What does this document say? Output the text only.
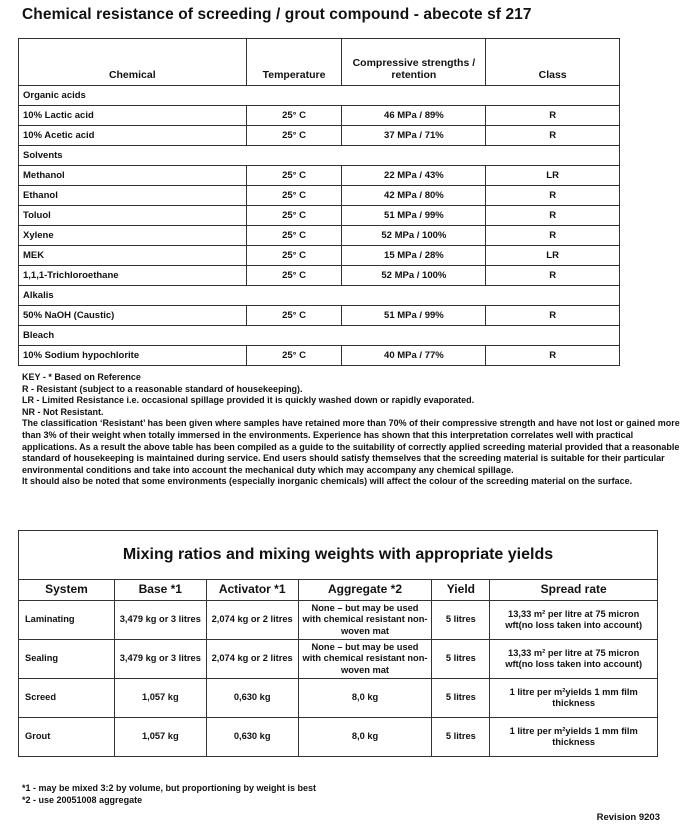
Chemical resistance of screeding / grout compound - abecote sf 217
Chemical	Temperature	Compressive strengths / retention	Class
Organic acids			
10% Lactic acid	25° C	46 MPa / 89%	R
10% Acetic acid	25° C	37 MPa / 71%	R
Solvents			
Methanol	25° C	22 MPa / 43%	LR
Ethanol	25° C	42 MPa / 80%	R
Toluol	25° C	51 MPa / 99%	R
Xylene	25° C	52 MPa / 100%	R
MEK	25° C	15 MPa / 28%	LR
1,1,1-Trichloroethane	25° C	52 MPa / 100%	R
Alkalis			
50% NaOH (Caustic)	25° C	51 MPa / 99%	R
Bleach			
10% Sodium hypochlorite	25° C	40 MPa / 77%	R

KEY - * Based on Reference

R - Resistant (subject to a reasonable standard of housekeeping).

LR - Limited Resistance i.e. occasional spillage provided it is quickly washed down or rapidly evaporated.

NR - Not Resistant.

The classification ‘Resistant’ has been given where samples have retained more than 70% of their compressive strength and have not lost or gained more than 3% of their weight when totally immersed in the environments. Experience has shown that this interpretation correlates well with practical applications. As a result the above table has been compiled as a guide to the suitability of correctly applied screeding material provided that a reasonable standard of housekeeping is maintained during service. End users should satisfy themselves that the screeding material is suitable for their particular environmental conditions and take into account the mechanical duty which may accompany any chemical spillage.

It should also be noted that some environments (especially inorganic chemicals) will affect the colour of the screeding material on the surface.

Mixing ratios and mixing weights with appropriate yields					
System	Base *1	Activator *1	Aggregate *2	Yield	Spread rate
Laminating	3,479 kg or 3 litres	2,074 kg or 2 litres	None – but may be used with chemical resistant non-woven mat	5 litres	13,33 m² per litre at 75 micron wft(no loss taken into account)
Sealing	3,479 kg or 3 litres	2,074 kg or 2 litres	None – but may be used with chemical resistant non-woven mat	5 litres	13,33 m² per litre at 75 micron wft(no loss taken into account)
Screed	1,057 kg	0,630 kg	8,0 kg	5 litres	1 litre per m²yields 1 mm film thickness
Grout	1,057 kg	0,630 kg	8,0 kg	5 litres	1 litre per m²yields 1 mm film thickness
*1 - may be mixed 3:2 by volume, but proportioning by weight is best
*2 - use 20051008 aggregate
Revision 9203
